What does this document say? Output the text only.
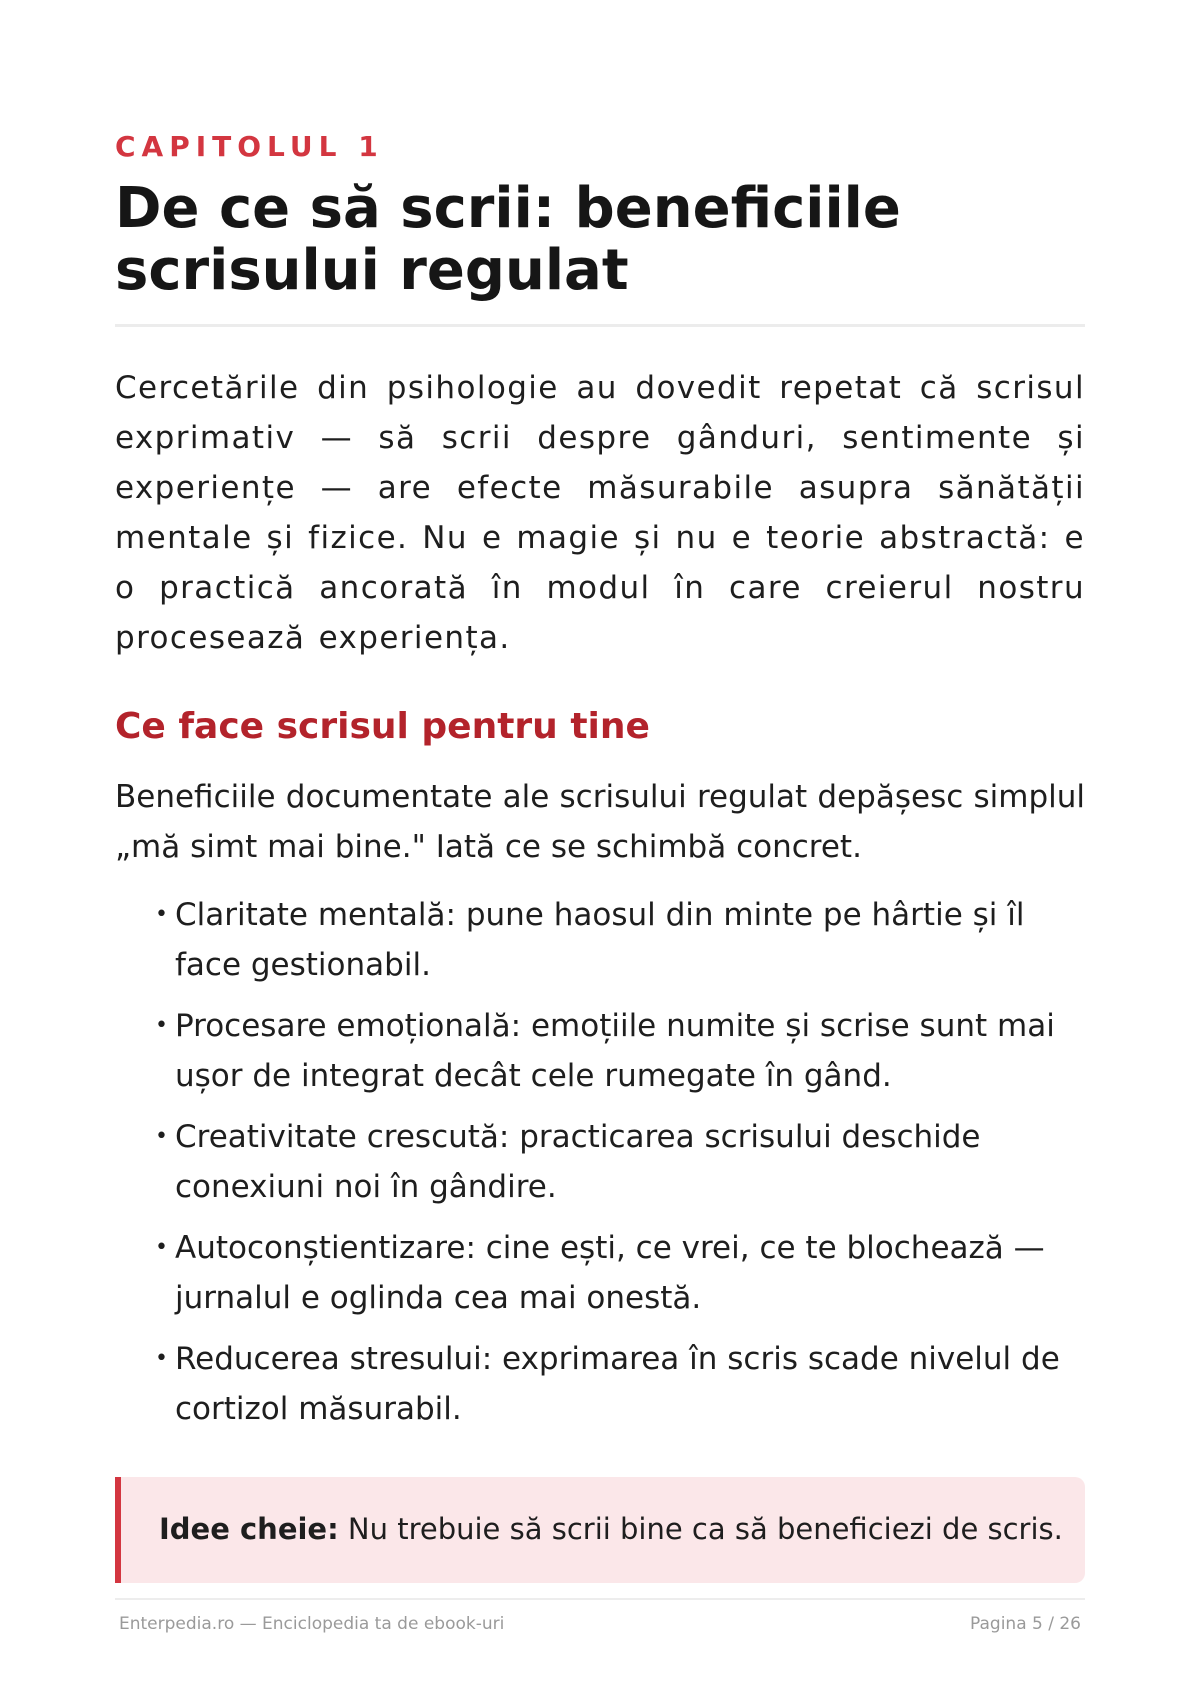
CAPITOLUL 1
De ce să scrii: beneficiile scrisului regulat

Cercetările din psihologie au dovedit repetat că scrisul exprimativ — să scrii despre gânduri, sentimente și experiențe — are efecte măsurabile asupra sănătății mentale și fizice. Nu e magie și nu e teorie abstractă: e o practică ancorată în modul în care creierul nostru procesează experiența.

Ce face scrisul pentru tine

Beneficiile documentate ale scrisului regulat depășesc simplul „mă simt mai bine." Iată ce se schimbă concret.

• Claritate mentală: pune haosul din minte pe hârtie și îl face gestionabil.
• Procesare emoțională: emoțiile numite și scrise sunt mai ușor de integrat decât cele rumegate în gând.
• Creativitate crescută: practicarea scrisului deschide conexiuni noi în gândire.
• Autoconștientizare: cine ești, ce vrei, ce te blochează — jurnalul e oglinda cea mai onestă.
• Reducerea stresului: exprimarea în scris scade nivelul de cortizol măsurabil.
Idee cheie: Nu trebuie să scrii bine ca să beneficiezi de scris.
Enterpedia.ro — Enciclopedia ta de ebook-uri	Pagina 5 / 26
